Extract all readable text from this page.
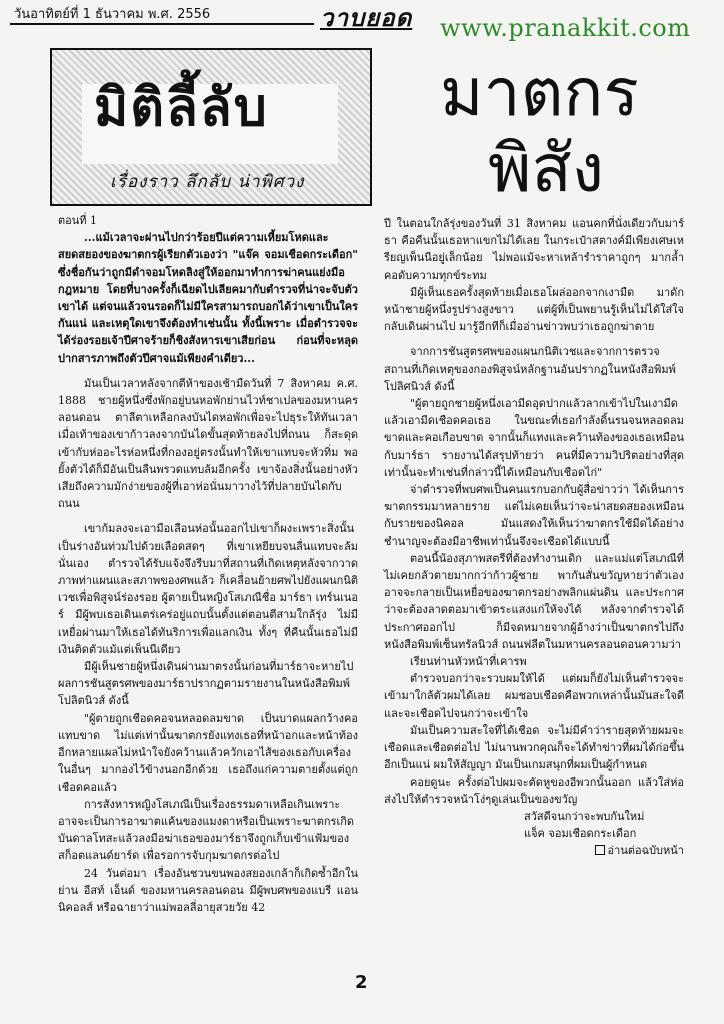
วันอาทิตย์ที่ 1 ธันวาคม พ.ศ. 2556	วาบยอด www.pranakkit.com
มิติลี้ลับ
เรื่องราว ลึกลับ น่าพิศวง
มาตกร
พิสัง

ตอนที่ 1

...แม้เวลาจะผ่านไปกว่าร้อยปีแต่ความเหี้ยมโหดและสยดสยองของฆาตกรผู้เรียกตัวเองว่า "แจ๊ค จอมเชือดกระเดือก" ซึ่งชื่อกันว่าถูกมีดำจอมโหดลิงสู่ให้ออกมาทำการฆ่าคนแย่งมือกฎหมาย โดยที่บางครั้งก็เฉียดไปเลียคมากับตำรวจที่น่าจะจับตัวเขาได้ แต่จนแล้วจนรอดก็ไม่มีใครสามารถบอกได้ว่าเขาเป็นใครกันแน่ และเหตุใดเขาจึงต้องทำเช่นนั้น ทั้งนี้เพราะ เมื่อตำรวจจะได้ร่องรอยเจ้าปีศาจร้ายก็ชิงสังหารเขาเสียก่อน ก่อนที่จะหลุดปากสารภาพถึงตัวปีศาจแม้เพียงคำเดียว...

มันเป็นเวลาหลังจากตีห้าของเช้ามืดวันที่ 7 สิงหาคม ค.ศ. 1888 ชายผู้หนึ่งซึ่งพักอยู่บนหอพักย่านไวท์ชาเปลของมหานครลอนดอน ตาลีตาเหลือกลงบันไดหอพักเพื่อจะไปธุระให้ทันเวลา เมื่อเท้าของเขาก้าวลงจากบันไดขั้นสุดท้ายลงไปที่ถนน ก็สะดุดเข้ากับห่ออะไรห่อหนึ่งที่กองอยู่ตรงนั้นทำให้เขาแทบจะหัวทิ่ม พอยั้งตัวได้ก็มีอันเป็นลืนพรวดแทบล้มอีกครั้ง เขาจ้องสิ่งนั้นอย่างหัวเสียถึงความมักง่ายของผู้ที่เอาห่อนั่นมาวางไว้ที่ปลายบันไดกับถนน

เขาก้มลงจะเอามือเลือนห่อนั้นออกไปเขาก็ผงะเพราะสิ่งนั้นเป็นร่างอันท่วมไปด้วยเลือดสดๆ ที่เขาเหยียบจนลื่นแทบจะล้มนั่นเอง ตำรวจได้รับแจ้งจึงรีบมาที่สถานที่เกิดเหตุหลังจากวาดภาพท่าแผนและสภาพของศพแล้ว ก็เคลื่อนย้ายศพไปยังแผนกนิติเวชเพื่อพิสูจน์ร่องรอย ผู้ตายเป็นหญิงโสเภณีชื่อ มาร์ธา เทร์นเนอร์ มีผู้พบเธอเดินเตร่เคร่อยู่แถบนั้นตั้งแต่ตอนตีสามใกล้รุ่ง ไม่มีเหยื่อผ่านมาให้เธอได้ทันริการเพื่อแลกเงิน ทั้งๆ ที่คืนนั้นเธอไม่มีเงินติดตัวแม้แต่เพ็นนีเดียว

มีผู้เห็นชายผู้หนึ่งเดินผ่านมาตรงนั้นก่อนที่มาร์ธาจะหายไป ผลการชันสูตรศพของมาร์ธาปรากฏตามรายงานในหนังสือพิมพ์โปลิตนิวส์ ดังนี้

"ผู้ตายถูกเชือดคอจนหลอดลมขาด เป็นบาดแผลกว้างคอแทบขาด ไม่แต่เท่านั้นฆาตกรยังแทงเธอที่หน้าอกและหน้าท้องอีกหลายแผลไม่หนำใจยังคว้านแล้วควักเอาไส้ของเธอกับเครื่องในอื่นๆ มากองไว้ข้างนอกอีกด้วย เธอถึงแก่ความตายตั้งแต่ถูกเชือดคอแล้ว

การสังหารหญิงโสเภณีเป็นเรื่องธรรมดาเหลือเกินเพราะอาจจะเป็นการอาฆาตแค้นของแมงดาหรือเป็นเพราะฆาตกรเกิดบันดาลโทสะแล้วลงมือฆ่าเธอของมาร์ธาจึงถูกเก็บเข้าแฟ้มของสก็อตแลนด์ยาร์ด เพื่อรอการจับกุมฆาตกรต่อไป

24 วันต่อมา เรื่องอันชวนขนพองสยองเกล้าก็เกิดซ้ำอีกในย่าน อีสท์ เอ็นด์ ของมหานครลอนดอน มีผู้พบศพของแบรี แอน นิคอลส์ หรือฉายาว่าแม่พอลลี่อายุสวยวัย 42

ปี ในตอนใกล้รุ่งของวันที่ 31 สิงหาคม แอนคกที่นั่งเดียวกับมาร์ธา คือคืนนั้นเธอหาแขกไม่ได้เลย ในกระเป๋าสตางค์มีเพียงเศษเหรียญเพ็นนีอยู่เล็กน้อย ไม่พอแม้จะหาเหล้ารำราคาถูกๆ มากล้ำคอดับความทุกข์ระทม

มีผู้เห็นเธอครั้งสุดท้ายเมื่อเธอโผล่ออกจากเงามืด มาดักหน้าชายผู้หนึ่งรูปร่างสูงขาว แต่ผู้ที่เป็นพยานรู้เห็นไม่ได้ใส่ใจกลับเดินผ่านไป มารู้อีกทีก็เมื่ออ่านข่าวพบว่าเธอถูกฆ่าตาย

จากการชันสูตรศพของแผนกนิติเวชและจากการตรวจสถานที่เกิดเหตุของกองพิสูจน์หลักฐานอันปรากฏในหนังสือพิมพ์โปลิศนิวส์ ดังนี้

"ผู้ตายถูกชายผู้หนึ่งเอามีดอุดปากแล้วลากเข้าไปในเงามืดแล้วเอามีดเชือดคอเธอ ในขณะที่เธอกำลังดิ้นรนจนหลอดลมขาดและคอเกือบขาด จากนั้นก็แทงและคว้านท้องของเธอเหมือนกับมาร์ธา รายงานได้สรุปท้ายว่า คนที่มีความวิปริตอย่างที่สุดเท่านั้นจะทำเช่นที่กล่าวนี้ได้เหมือนกับเชือดไก่"

จ่าตำรวจที่พบศพเป็นคนแรกบอกกับผู้สื่อข่าวว่า ได้เห็นการฆาตกรรมมาหลายราย แต่ไม่เคยเห็นว่าจะน่าสยดสยองเหมือนกับรายของนิคอล มันแสดงให้เห็นว่าฆาตกรใช้มีดได้อย่างชำนาญจะต้องมีอาชีพเท่านั้นจึงจะเชือดได้แบบนี้

ตอนนี้น้องสุภาพสตรีที่ต้องทำงานเดิก และแม่แต่โสเภณีที่ไม่เคยกลัวตายมากกว่าก้าวผู้ชาย พากันสั่นขวัญหายว่าตัวเองอาจจะกลายเป็นเหยื่อของฆาตกรอย่างพลิกแผ่นดิน และประกาศว่าจะต้องลาดตอมาเข้าตระแสงแก่ให้จงได้ หลังจากตำรวจได้ประกาศออกไป ก็มีจดหมายจากผู้อ้างว่าเป็นฆาตกรไปถึงหนังสือพิมพ์เซ็นทรัลนิวส์ ถนนฟลีตในมหานครลอนดอนความว่า

เรียนท่านหัวหน้าที่เคารพ

ตำรวจบอกว่าจะรวบผมให้ได้ แต่ผมก็ยังไม่เห็นตำรวจจะเข้ามาใกล้ตัวผมได้เลย ผมชอบเชือดคือพวกเหล่านั้นมันสะใจดีและจะเชือดไปจนกว่าจะเข้าใจ

มันเป็นความสะใจที่ได้เชือด จะไม่มีคำว่ารายสุดท้ายผมจะเชือดและเชือดต่อไป ไม่นานพวกคุณก็จะได้ทำข่าวที่ผมได้ก่อขึ้นอีกเป็นแน่ ผมให้สัญญา มันเป็นเกมสนุกที่ผมเป็นผู้กำหนด

คอยดูนะ ครั้งต่อไปผมจะตัดหูของอีพวกนั้นออก แล้วใส่ห่อส่งไปให้ตำรวจหน้าโง่ๆดูเล่นเป็นของขวัญ

สวัสดีจนกว่าจะพบกันใหม่

แจ็ค จอมเชือดกระเดือก

อ่านต่อฉบับหน้า

2
